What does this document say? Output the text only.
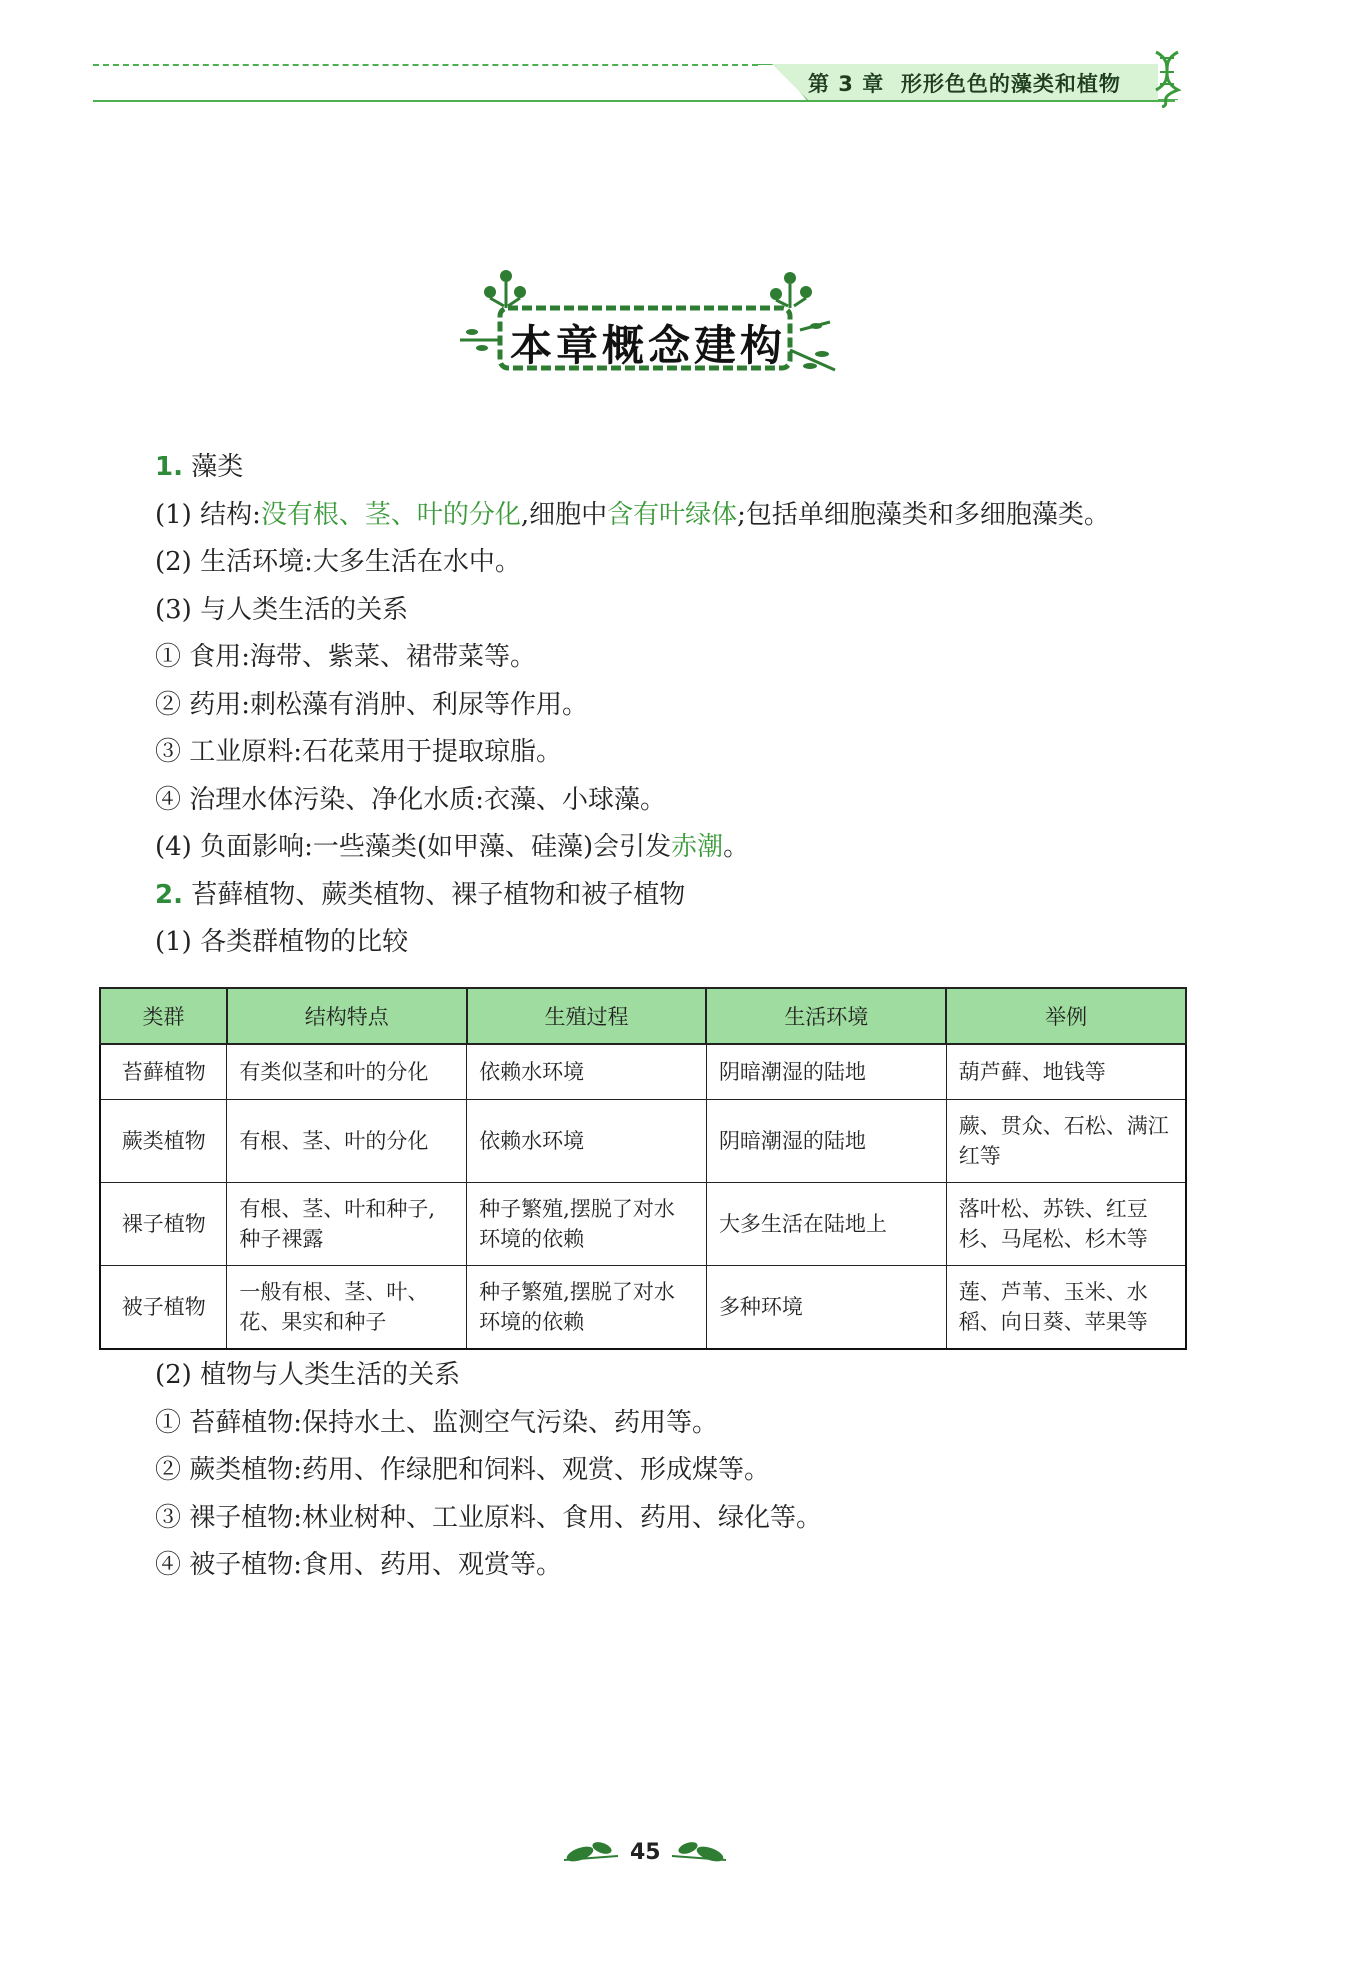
第 3 章 形形色色的藻类和植物
本章概念建构
1. 藻类
(1) 结构:没有根、茎、叶的分化,细胞中含有叶绿体;包括单细胞藻类和多细胞藻类。
(2) 生活环境:大多生活在水中。
(3) 与人类生活的关系
① 食用:海带、紫菜、裙带菜等。
② 药用:刺松藻有消肿、利尿等作用。
③ 工业原料:石花菜用于提取琼脂。
④ 治理水体污染、净化水质:衣藻、小球藻。
(4) 负面影响:一些藻类(如甲藻、硅藻)会引发赤潮。
2. 苔藓植物、蕨类植物、裸子植物和被子植物
(1) 各类群植物的比较
类群	结构特点	生殖过程	生活环境	举例
苔藓植物	有类似茎和叶的分化	依赖水环境	阴暗潮湿的陆地	葫芦藓、地钱等
蕨类植物	有根、茎、叶的分化	依赖水环境	阴暗潮湿的陆地	蕨、贯众、石松、满江红等
裸子植物	有根、茎、叶和种子,种子裸露	种子繁殖,摆脱了对水环境的依赖	大多生活在陆地上	落叶松、苏铁、红豆杉、马尾松、杉木等
被子植物	一般有根、茎、叶、花、果实和种子	种子繁殖,摆脱了对水环境的依赖	多种环境	莲、芦苇、玉米、水稻、向日葵、苹果等
(2) 植物与人类生活的关系
① 苔藓植物:保持水土、监测空气污染、药用等。
② 蕨类植物:药用、作绿肥和饲料、观赏、形成煤等。
③ 裸子植物:林业树种、工业原料、食用、药用、绿化等。
④ 被子植物:食用、药用、观赏等。
45
